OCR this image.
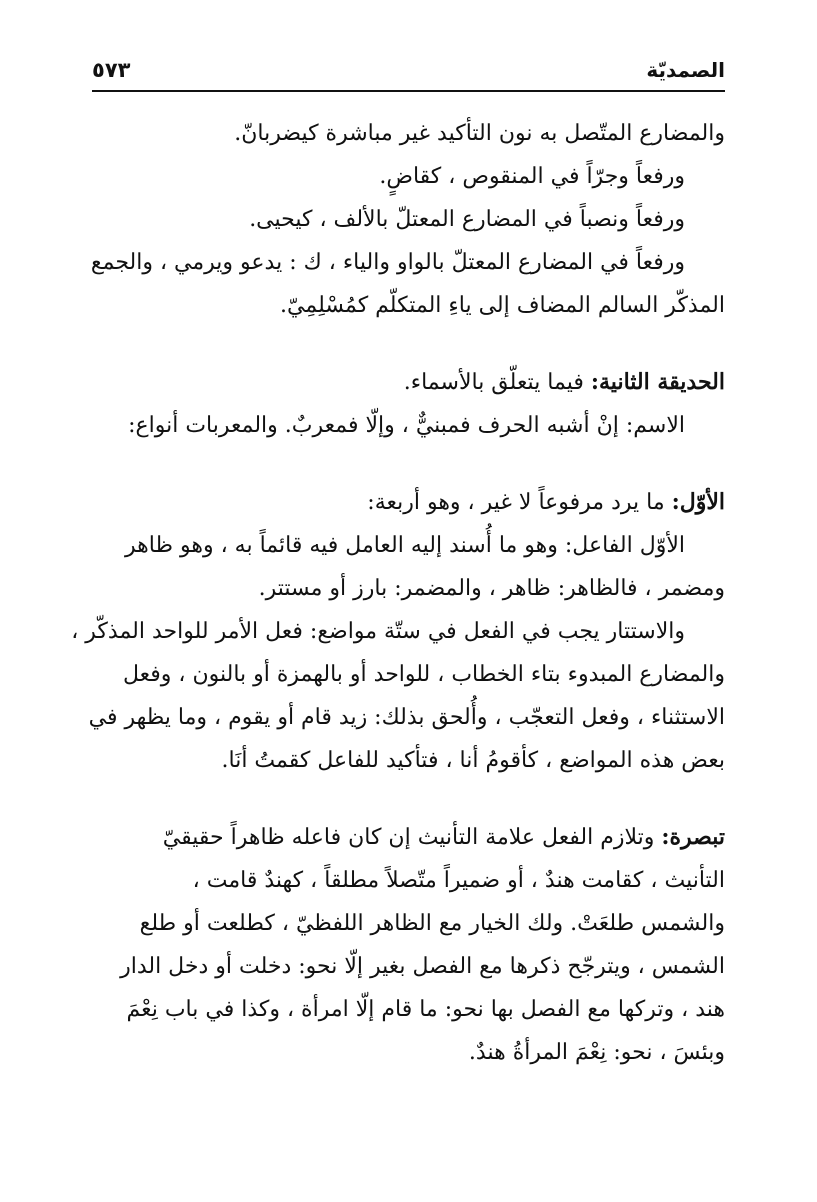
٥٧٣	الصمديّة
والمضارع المتّصل به نون التأكيد غير مباشرة كيضربانّ.
ورفعاً وجرّاً في المنقوص ، كقاضٍ.
ورفعاً ونصباً في المضارع المعتلّ بالألف ، كيحيى.
ورفعاً في المضارع المعتلّ بالواو والياء ، ك : يدعو ويرمي ، والجمع
المذكّر السالم المضاف إلى ياءِ المتكلّم كمُسْلِمِيّ.
الحديقة الثانية: فيما يتعلّق بالأسماء.
الاسم: إنْ أشبه الحرف فمبنيٌّ ، وإلّا فمعربٌ. والمعربات أنواع:
الأوّل: ما يرد مرفوعاً لا غير ، وهو أربعة:
الأوّل الفاعل: وهو ما أُسند إليه العامل فيه قائماً به ، وهو ظاهر
ومضمر ، فالظاهر: ظاهر ، والمضمر: بارز أو مستتر.
والاستتار يجب في الفعل في ستّة مواضع: فعل الأمر للواحد المذكّر ،
والمضارع المبدوء بتاء الخطاب ، للواحد أو بالهمزة أو بالنون ، وفعل
الاستثناء ، وفعل التعجّب ، وأُلحق بذلك: زيد قام أو يقوم ، وما يظهر في
بعض هذه المواضع ، كأقومُ أنا ، فتأكيد للفاعل كقمتُ أنَا.
تبصرة: وتلازم الفعل علامة التأنيث إن كان فاعله ظاهراً حقيقيّ
التأنيث ، كقامت هندٌ ، أو ضميراً متّصلاً مطلقاً ، كهندٌ قامت ،
والشمس طلعَتْ. ولك الخيار مع الظاهر اللفظيّ ، كطلعت أو طلع
الشمس ، ويترجّح ذكرها مع الفصل بغير إلّا نحو: دخلت أو دخل الدار
هند ، وتركها مع الفصل بها نحو: ما قام إلّا امرأة ، وكذا في باب نِعْمَ
وبئسَ ، نحو: نِعْمَ المرأةُ هندٌ.
